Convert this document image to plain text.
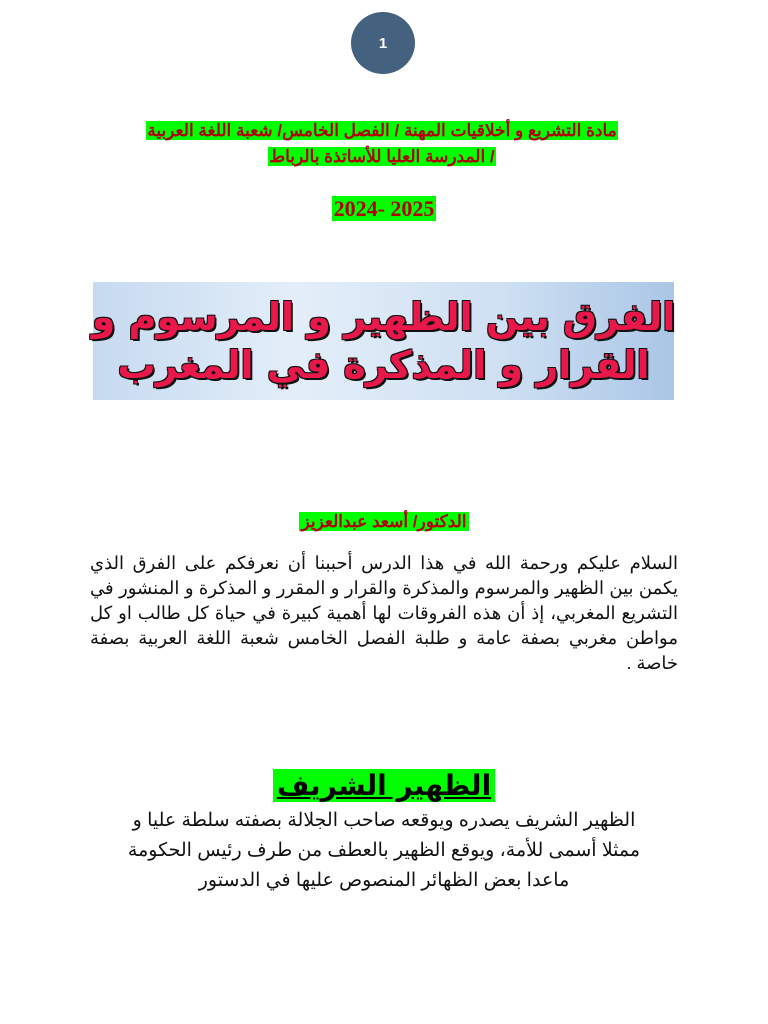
1
مادة التشريع و أخلاقيات المهنة / الفصل الخامس/ شعبة اللغة العربية
/ المدرسة العليا للأساتذة بالرباط
2024- 2025
الفرق بين الظهير و المرسوم و
القرار و المذكرة في المغرب
الدكتور/ أسعد عبدالعزيز
السلام عليكم ورحمة الله في هذا الدرس أحببنا أن نعرفكم على الفرق الذي يكمن بين الظهير والمرسوم والمذكرة والقرار و المقرر و المذكرة و المنشور في التشريع المغربي، إذ أن هذه الفروقات لها أهمية كبيرة في حياة كل طالب او كل مواطن مغربي بصفة عامة و طلبة الفصل الخامس شعبة اللغة العربية بصفة خاصة .
الظهير الشريف
الظهير الشريف يصدره ويوقعه صاحب الجلالة بصفته سلطة عليا و
ممثلا أسمى للأمة، ويوقع الظهير بالعطف من طرف رئيس الحكومة
ماعدا بعض الظهائر المنصوص عليها في الدستور
